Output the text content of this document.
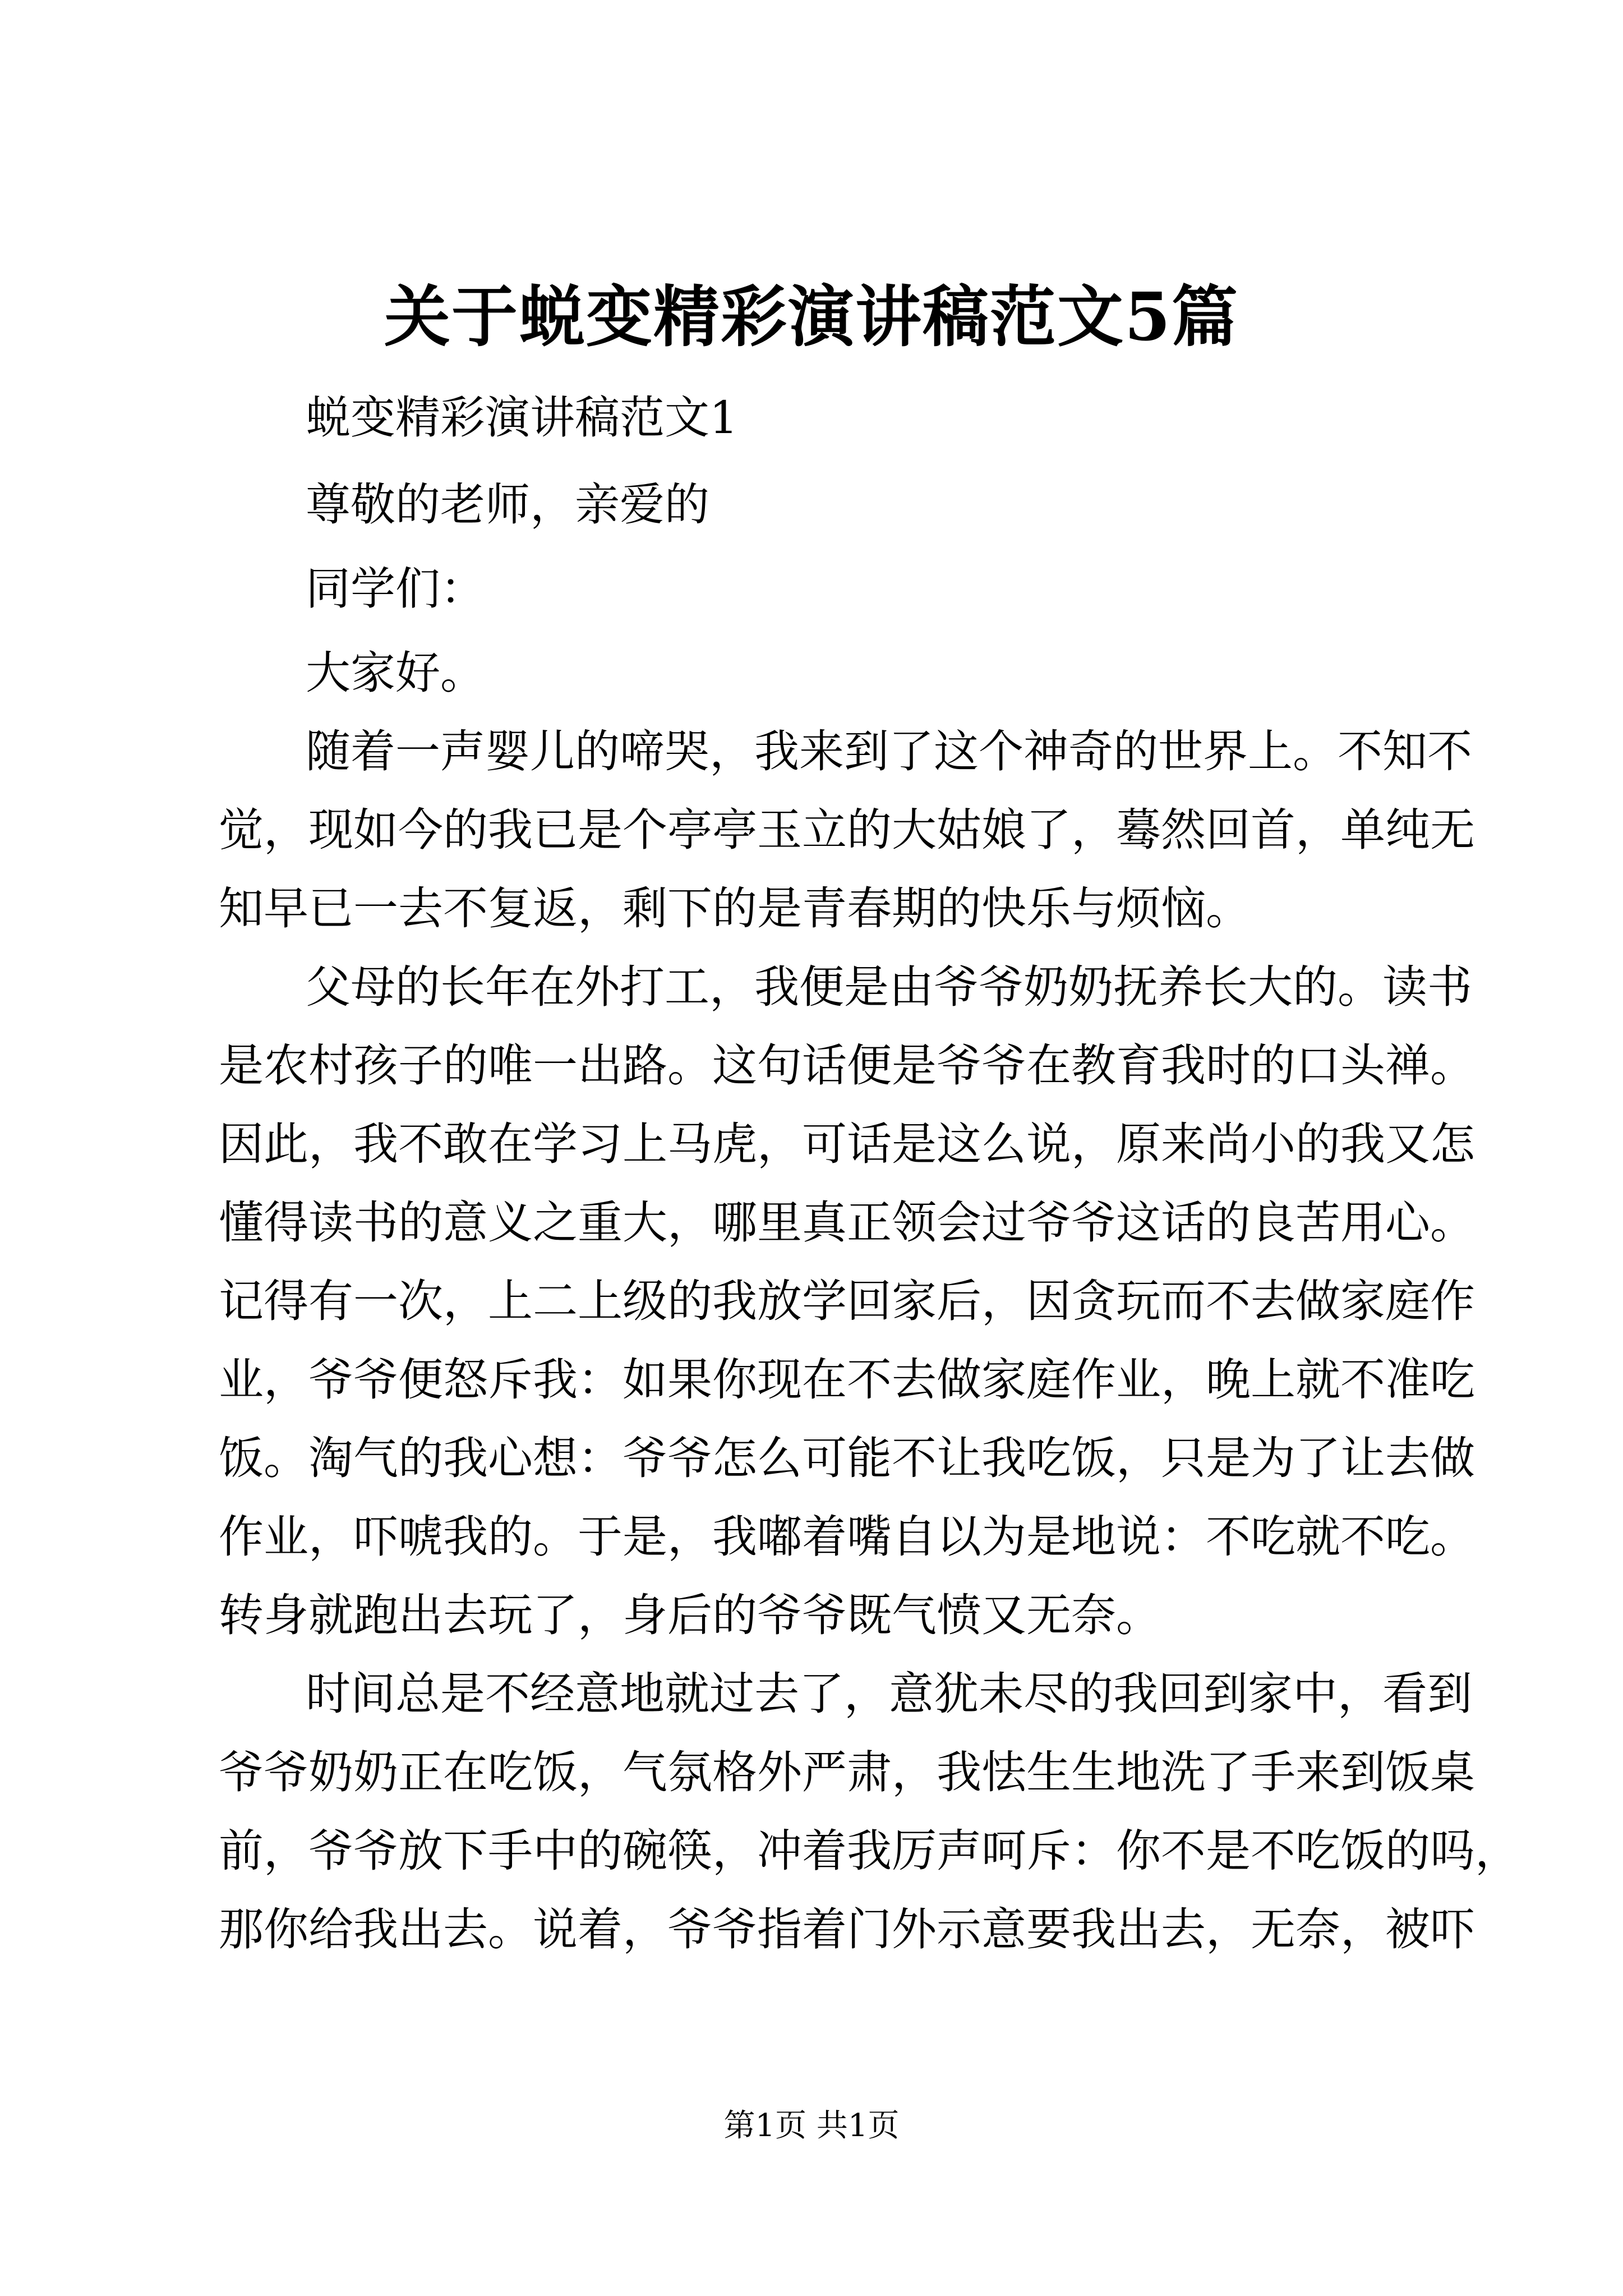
关于蜕变精彩演讲稿范文5篇
蜕变精彩演讲稿范文1
尊敬的老师，亲爱的
同学们：
大家好。
随着一声婴儿的啼哭，我来到了这个神奇的世界上。不知不
觉，现如今的我已是个亭亭玉立的大姑娘了，蓦然回首，单纯无
知早已一去不复返，剩下的是青春期的快乐与烦恼。
父母的长年在外打工，我便是由爷爷奶奶抚养长大的。读书
是农村孩子的唯一出路。这句话便是爷爷在教育我时的口头禅。
因此，我不敢在学习上马虎，可话是这么说，原来尚小的我又怎
懂得读书的意义之重大，哪里真正领会过爷爷这话的良苦用心。
记得有一次，上二上级的我放学回家后，因贪玩而不去做家庭作
业，爷爷便怒斥我：如果你现在不去做家庭作业，晚上就不准吃
饭。淘气的我心想：爷爷怎么可能不让我吃饭，只是为了让去做
作业，吓唬我的。于是，我嘟着嘴自以为是地说：不吃就不吃。
转身就跑出去玩了，身后的爷爷既气愤又无奈。
时间总是不经意地就过去了，意犹未尽的我回到家中，看到
爷爷奶奶正在吃饭，气氛格外严肃，我怯生生地洗了手来到饭桌
前，爷爷放下手中的碗筷，冲着我厉声呵斥：你不是不吃饭的吗，
那你给我出去。说着，爷爷指着门外示意要我出去，无奈，被吓
第1页 共1页
